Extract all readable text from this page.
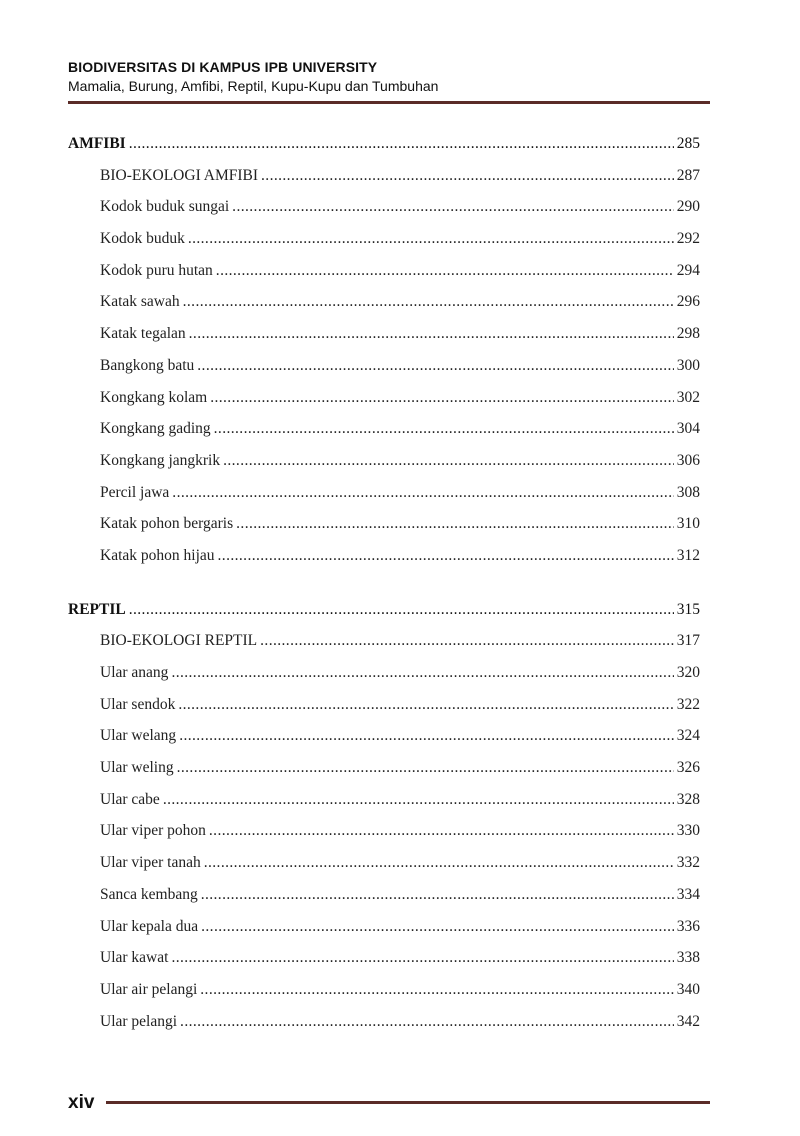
BIODIVERSITAS DI KAMPUS IPB UNIVERSITY
Mamalia, Burung, Amfibi, Reptil, Kupu-Kupu dan Tumbuhan
AMFIBI .....	285
BIO-EKOLOGI AMFIBI .....	287
Kodok buduk sungai .....	290
Kodok buduk .....	292
Kodok puru hutan .....	294
Katak sawah .....	296
Katak tegalan .....	298
Bangkong batu .....	300
Kongkang kolam .....	302
Kongkang gading .....	304
Kongkang jangkrik .....	306
Percil jawa .....	308
Katak pohon bergaris .....	310
Katak pohon hijau .....	312
REPTIL .....	315
BIO-EKOLOGI REPTIL .....	317
Ular anang .....	320
Ular sendok .....	322
Ular welang .....	324
Ular weling .....	326
Ular cabe .....	328
Ular viper pohon .....	330
Ular viper tanah .....	332
Sanca kembang .....	334
Ular kepala dua .....	336
Ular kawat .....	338
Ular air pelangi .....	340
Ular pelangi .....	342
xiv
